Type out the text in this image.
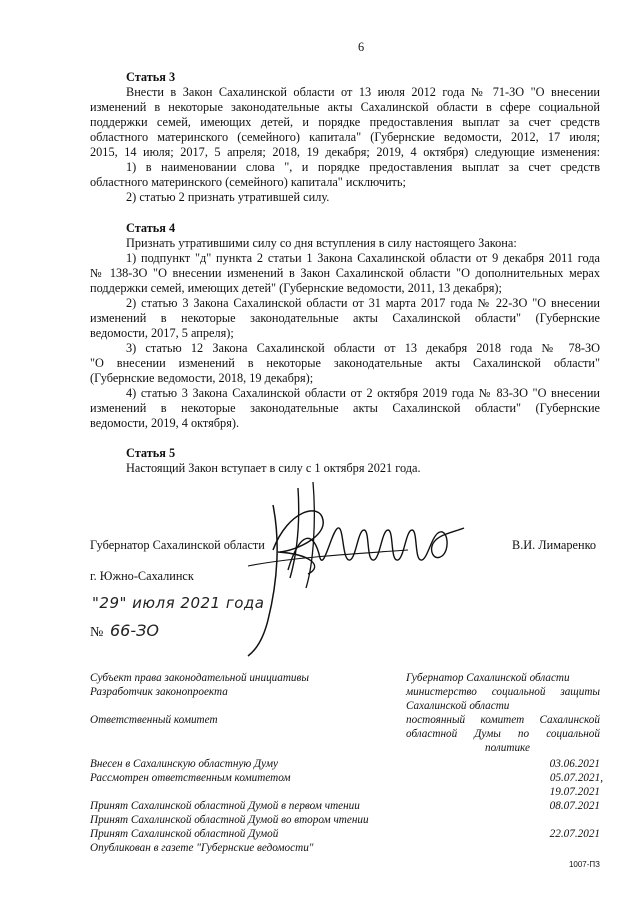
6
Статья 3
Внести в Закон Сахалинской области от 13 июля 2012 года № 71-ЗО "О внесении
изменений в некоторые законодательные акты Сахалинской области в сфере социальной
поддержки семей, имеющих детей, и порядке предоставления выплат за счет средств
областного материнского (семейного) капитала" (Губернские ведомости, 2012, 17 июля;
2015, 14 июля; 2017, 5 апреля; 2018, 19 декабря; 2019, 4 октября) следующие изменения:
1) в наименовании слова ", и порядке предоставления выплат за счет средств
областного материнского (семейного) капитала" исключить;
2) статью 2 признать утратившей силу.
Статья 4
Признать утратившими силу со дня вступления в силу настоящего Закона:
1) подпункт "д" пункта 2 статьи 1 Закона Сахалинской области от 9 декабря 2011 года
№ 138-ЗО "О внесении изменений в Закон Сахалинской области "О дополнительных мерах
поддержки семей, имеющих детей" (Губернские ведомости, 2011, 13 декабря);
2) статью 3 Закона Сахалинской области от 31 марта 2017 года № 22-ЗО "О внесении
изменений в некоторые законодательные акты Сахалинской области" (Губернские
ведомости, 2017, 5 апреля);
3) статью 12 Закона Сахалинской области от 13 декабря 2018 года № 78-ЗО
"О внесении изменений в некоторые законодательные акты Сахалинской области"
(Губернские ведомости, 2018, 19 декабря);
4) статью 3 Закона Сахалинской области от 2 октября 2019 года № 83-ЗО "О внесении
изменений в некоторые законодательные акты Сахалинской области" (Губернские
ведомости, 2019, 4 октября).
Статья 5
Настоящий Закон вступает в силу с 1 октября 2021 года.
Губернатор Сахалинской области	В.И. Лимаренко
г. Южно-Сахалинск
"29" июля 2021 года
№ 66-ЗО
Субъект права законодательной инициативы
Разработчик законопроекта
Ответственный комитет
Губернатор Сахалинской области
министерство социальной защиты
Сахалинской области
постоянный комитет Сахалинской
областной Думы по социальной
политике
Внесен в Сахалинскую областную Думу
Рассмотрен ответственным комитетом
Принят Сахалинской областной Думой в первом чтении
Принят Сахалинской областной Думой во втором чтении
Принят Сахалинской областной Думой
Опубликован в газете "Губернские ведомости"
03.06.2021
05.07.2021,
19.07.2021
08.07.2021
22.07.2021
1007-ПЗ
